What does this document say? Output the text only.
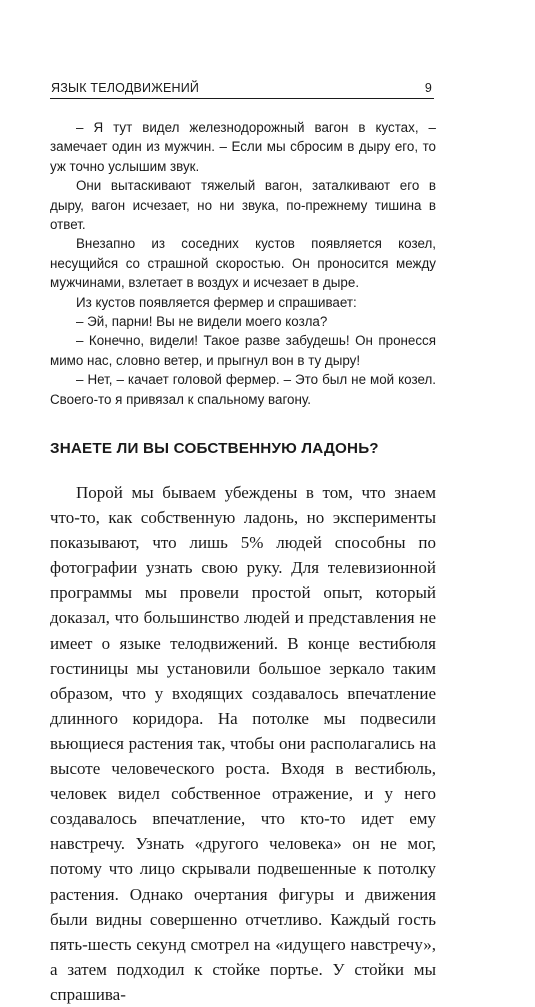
ЯЗЫК ТЕЛОДВИЖЕНИЙ	9

– Я тут видел железнодорожный вагон в кустах, – замечает один из мужчин. – Если мы сбросим в дыру его, то уж точно услышим звук.

Они вытаскивают тяжелый вагон, заталкивают его в дыру, вагон исчезает, но ни звука, по-прежнему тишина в ответ.

Внезапно из соседних кустов появляется козел, несущийся со страшной скоростью. Он проносится между мужчинами, взлетает в воздух и исчезает в дыре.

Из кустов появляется фермер и спрашивает:

– Эй, парни! Вы не видели моего козла?

– Конечно, видели! Такое разве забудешь! Он пронесся мимо нас, словно ветер, и прыгнул вон в ту дыру!

– Нет, – качает головой фермер. – Это был не мой козел. Своего-то я привязал к спальному вагону.

ЗНАЕТЕ ЛИ ВЫ СОБСТВЕННУЮ ЛАДОНЬ?

Порой мы бываем убеждены в том, что знаем что-то, как собственную ладонь, но эксперименты показывают, что лишь 5% людей способны по фотографии узнать свою руку. Для телевизионной программы мы провели простой опыт, который доказал, что большинство людей и представления не имеет о языке телодвижений. В конце вестибюля гостиницы мы установили большое зеркало таким образом, что у входящих создавалось впечатление длинного коридора. На потолке мы подвесили вьющиеся растения так, чтобы они располагались на высоте человеческого роста. Входя в вестибюль, человек видел собственное отражение, и у него создавалось впечатление, что кто-то идет ему навстречу. Узнать «другого человека» он не мог, потому что лицо скрывали подвешенные к потолку растения. Однако очертания фигуры и движения были видны совершенно отчетливо. Каждый гость пять-шесть секунд смотрел на «идущего навстречу», а затем подходил к стойке портье. У стойки мы спрашива-
